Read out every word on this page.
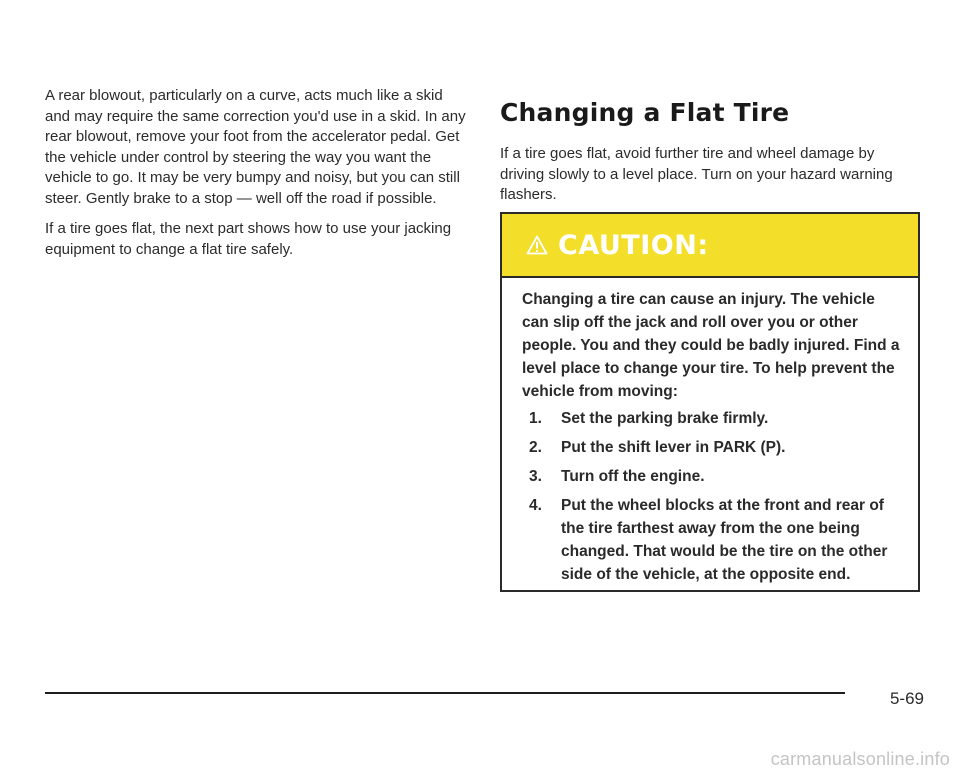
A rear blowout, particularly on a curve, acts much like a skid and may require the same correction you'd use in a skid. In any rear blowout, remove your foot from the accelerator pedal. Get the vehicle under control by steering the way you want the vehicle to go. It may be very bumpy and noisy, but you can still steer. Gently brake to a stop — well off the road if possible.

If a tire goes flat, the next part shows how to use your jacking equipment to change a flat tire safely.

Changing a Flat Tire

If a tire goes flat, avoid further tire and wheel damage by driving slowly to a level place. Turn on your hazard warning flashers.

CAUTION:

Changing a tire can cause an injury. The vehicle can slip off the jack and roll over you or other people. You and they could be badly injured. Find a level place to change your tire. To help prevent the vehicle from moving:

1.	Set the parking brake firmly.
2.	Put the shift lever in PARK (P).
3.	Turn off the engine.
4.	Put the wheel blocks at the front and rear of the tire farthest away from the one being changed. That would be the tire on the other side of the vehicle, at the opposite end.
5-69
carmanualsonline.info
